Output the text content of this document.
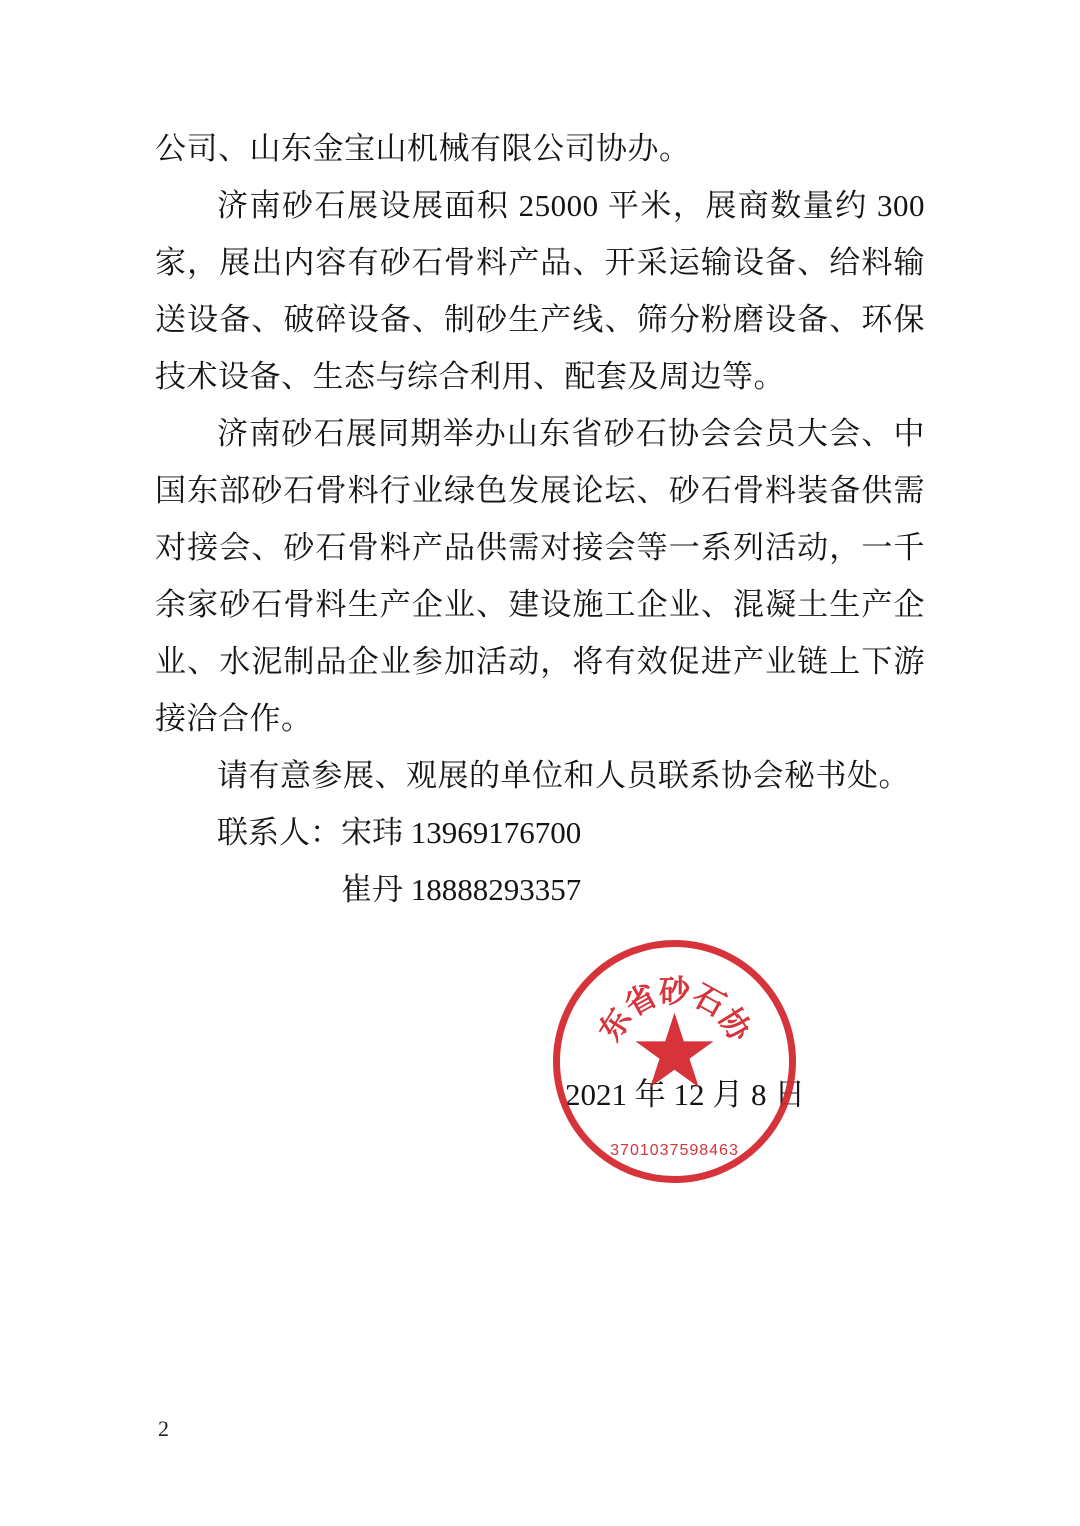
公司、山东金宝山机械有限公司协办。

济南砂石展设展面积 25000 平米，展商数量约 300 家，展出内容有砂石骨料产品、开采运输设备、给料输送设备、破碎设备、制砂生产线、筛分粉磨设备、环保技术设备、生态与综合利用、配套及周边等。

济南砂石展同期举办山东省砂石协会会员大会、中国东部砂石骨料行业绿色发展论坛、砂石骨料装备供需对接会、砂石骨料产品供需对接会等一系列活动，一千余家砂石骨料生产企业、建设施工企业、混凝土生产企业、水泥制品企业参加活动，将有效促进产业链上下游接洽合作。

请有意参展、观展的单位和人员联系协会秘书处。

联系人：宋玮 13969176700

崔丹 18888293357

2021 年 12 月 8 日
东
省
砂
石
协
★
3701037598463
2
